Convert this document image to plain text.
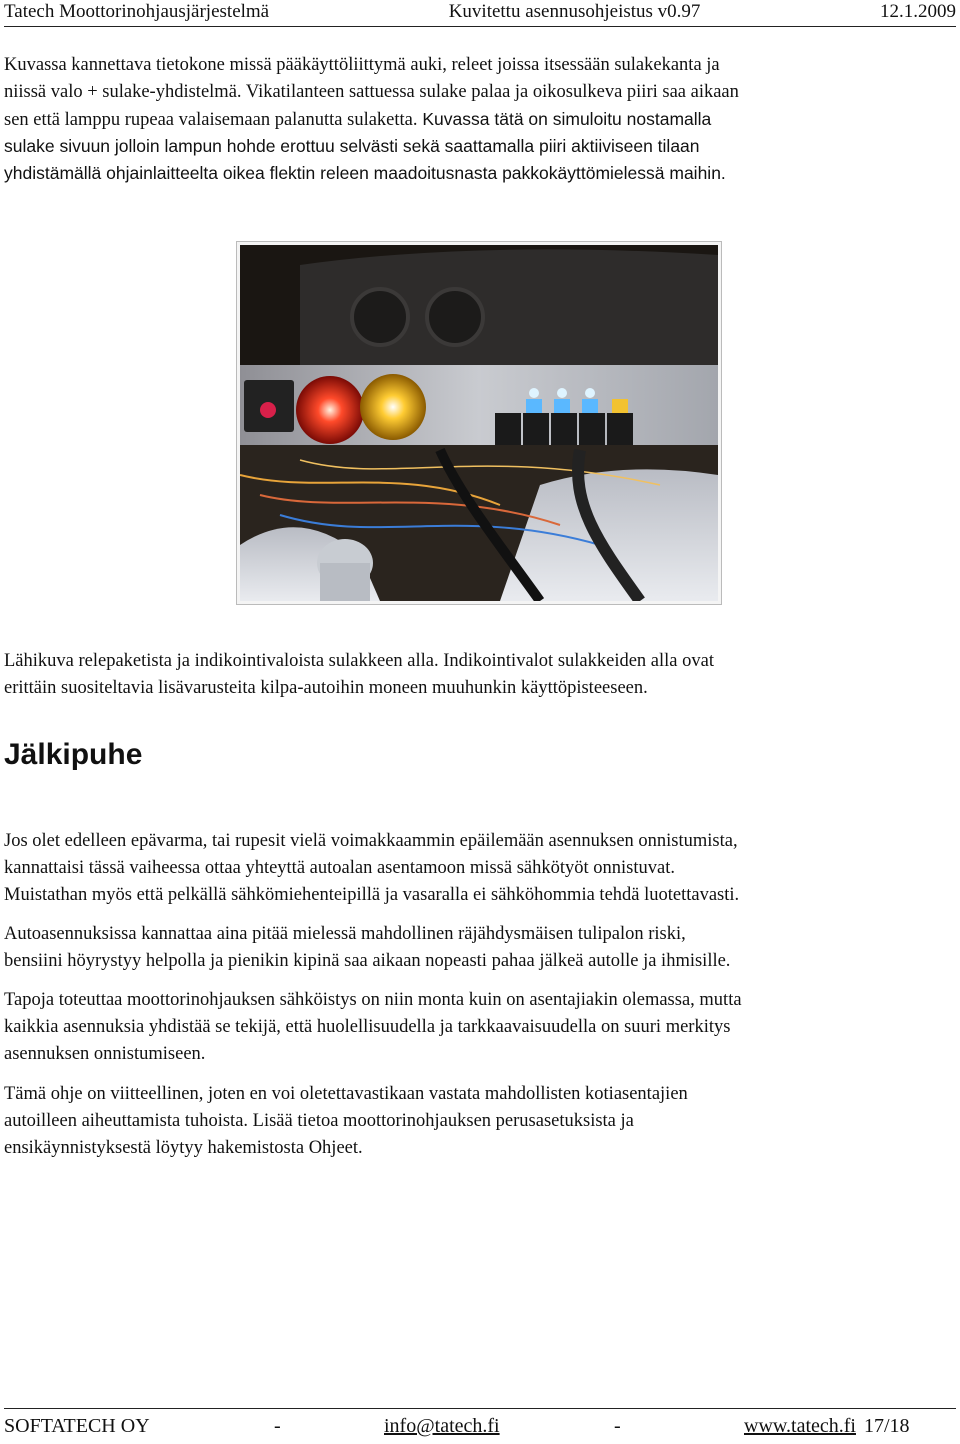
Tatech Moottorinohjausjärjestelmä	Kuvitettu asennusohjeistus v0.97	12.1.2009

Kuvassa kannettava tietokone missä pääkäyttöliittymä auki, releet joissa itsessään sulakekanta ja

niissä valo + sulake-yhdistelmä. Vikatilanteen sattuessa sulake palaa ja oikosulkeva piiri saa aikaan

sen että lamppu rupeaa valaisemaan palanutta sulaketta. Kuvassa tätä on simuloitu nostamalla

sulake sivuun jolloin lampun hohde erottuu selvästi sekä saattamalla piiri aktiiviseen tilaan

yhdistämällä ohjainlaitteelta oikea flektin releen maadoitusnasta pakkokäyttömielessä maihin.

Lähikuva relepaketista ja indikointivaloista sulakkeen alla. Indikointivalot sulakkeiden alla ovat

erittäin suositeltavia lisävarusteita kilpa-autoihin moneen muuhunkin käyttöpisteeseen.

Jälkipuhe

Jos olet edelleen epävarma, tai rupesit vielä voimakkaammin epäilemään asennuksen onnistumista,

kannattaisi tässä vaiheessa ottaa yhteyttä autoalan asentamoon missä sähkötyöt onnistuvat.

Muistathan myös että pelkällä sähkömiehenteipillä ja vasaralla ei sähköhommia tehdä luotettavasti.

Autoasennuksissa kannattaa aina pitää mielessä mahdollinen räjähdysmäisen tulipalon riski,

bensiini höyrystyy helpolla ja pienikin kipinä saa aikaan nopeasti pahaa jälkeä autolle ja ihmisille.

Tapoja toteuttaa moottorinohjauksen sähköistys on niin monta kuin on asentajiakin olemassa, mutta

kaikkia asennuksia yhdistää se tekijä, että huolellisuudella ja tarkkaavaisuudella on suuri merkitys

asennuksen onnistumiseen.

Tämä ohje on viitteellinen, joten en voi oletettavastikaan vastata mahdollisten kotiasentajien

autoilleen aiheuttamista tuhoista. Lisää tietoa moottorinohjauksen perusasetuksista ja

ensikäynnistyksestä löytyy hakemistosta Ohjeet.

SOFTATECH OY	-	info@tatech.fi	-	www.tatech.fi 17/18
